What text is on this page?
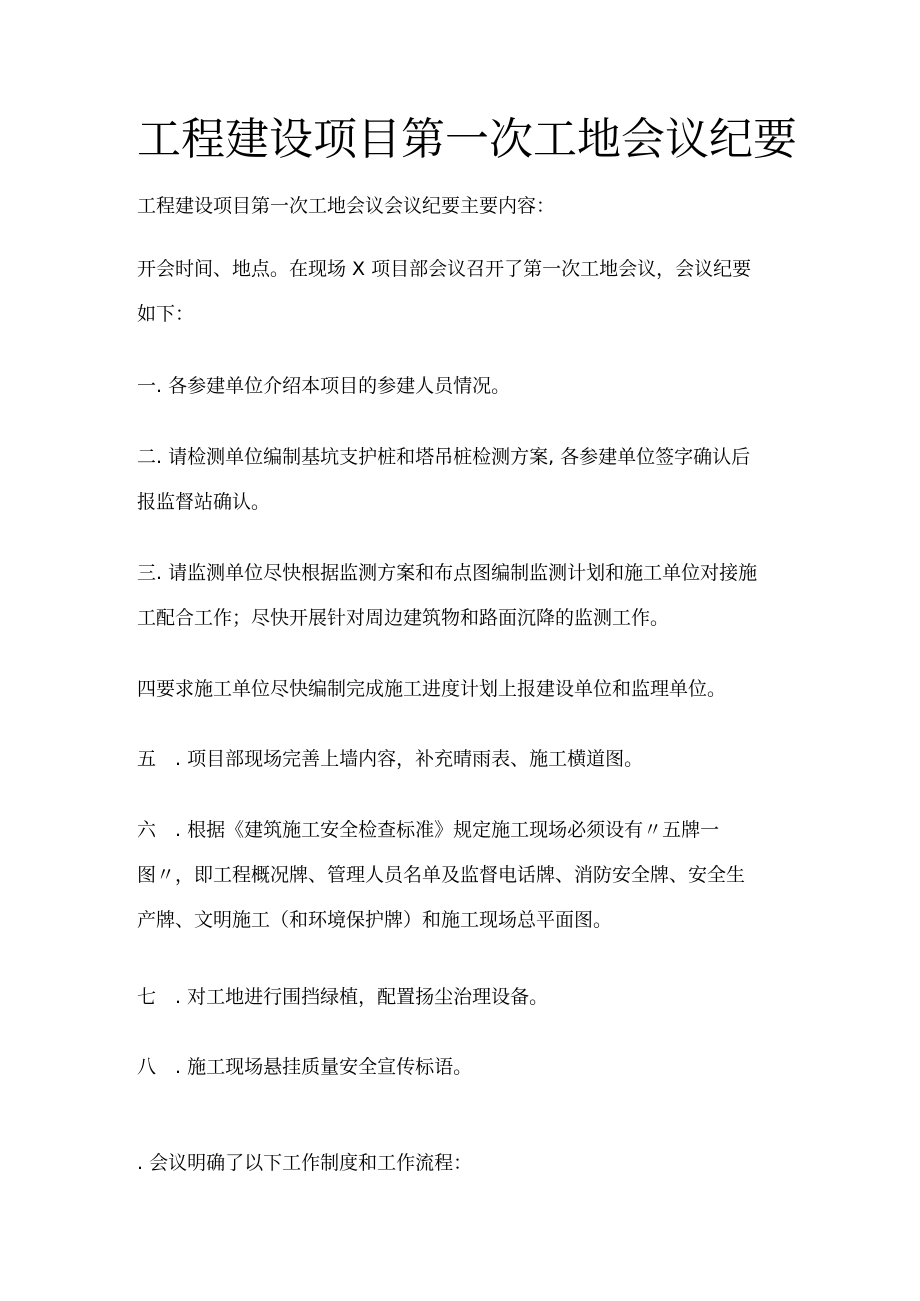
工程建设项目第一次工地会议纪要

工程建设项目第一次工地会议会议纪要主要内容：

开会时间、地点。在现场 X 项目部会议召开了第一次工地会议，会议纪要
如下：

一. 各参建单位介绍本项目的参建人员情况。

二. 请检测单位编制基坑支护桩和塔吊桩检测方案, 各参建单位签字确认后
报监督站确认。

三. 请监测单位尽快根据监测方案和布点图编制监测计划和施工单位对接施
工配合工作；尽快开展针对周边建筑物和路面沉降的监测工作。

四要求施工单位尽快编制完成施工进度计划上报建设单位和监理单位。

五　. 项目部现场完善上墙内容，补充晴雨表、施工横道图。

六　. 根据《建筑施工安全检查标准》规定施工现场必须设有〃五牌一
图〃，即工程概况牌、管理人员名单及监督电话牌、消防安全牌、安全生
产牌、文明施工（和环境保护牌）和施工现场总平面图。

七　. 对工地进行围挡绿植，配置扬尘治理设备。

八　. 施工现场悬挂质量安全宣传标语。

. 会议明确了以下工作制度和工作流程：
